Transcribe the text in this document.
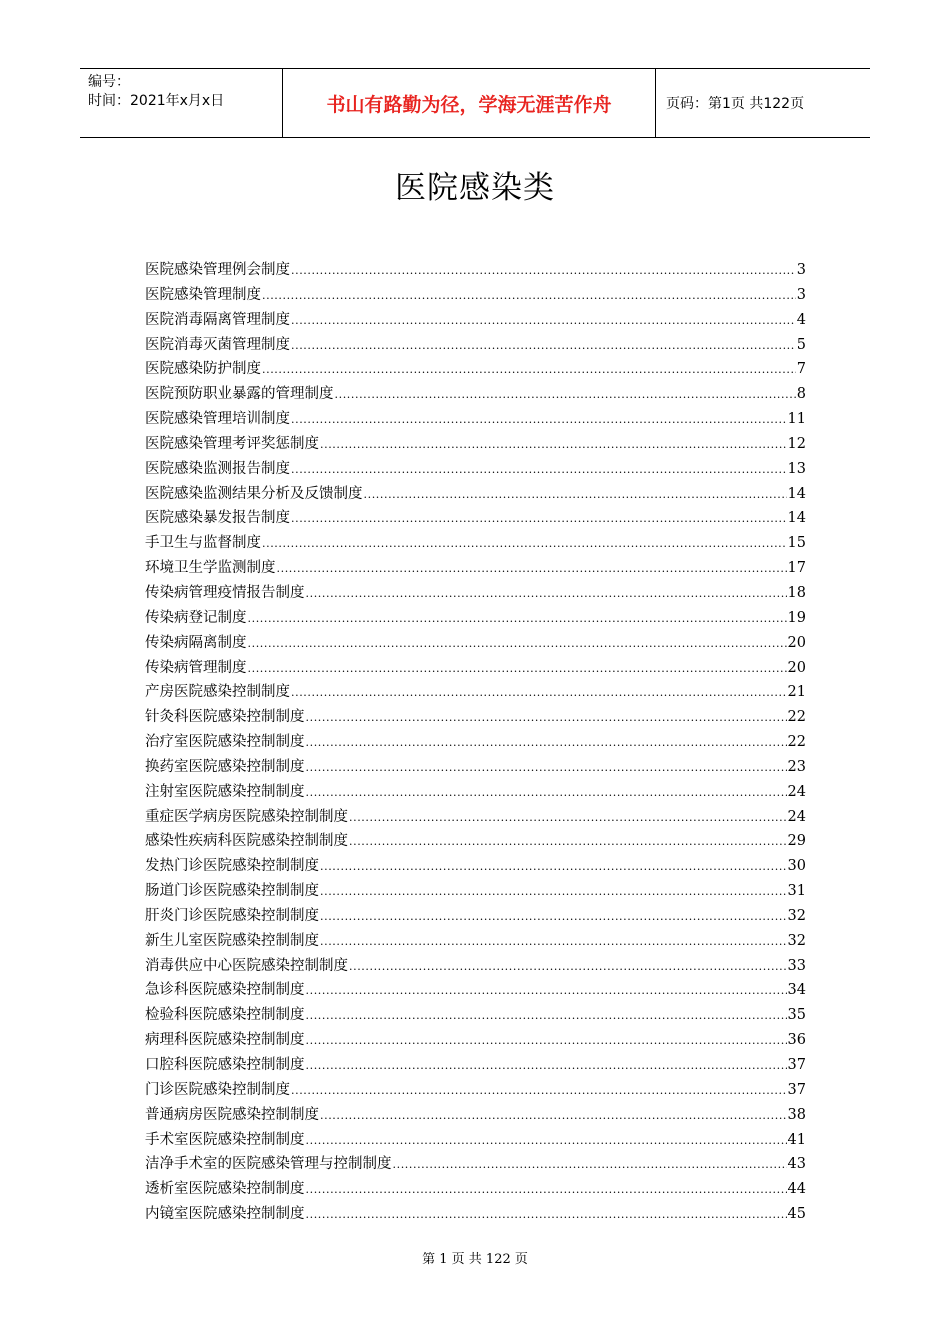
编号：
时间：2021年x月x日	书山有路勤为径，学海无涯苦作舟	页码：第1页 共122页
医院感染类
医院感染管理例会制度 .....	3
医院感染管理制度 .....	3
医院消毒隔离管理制度 .....	4
医院消毒灭菌管理制度 .....	5
医院感染防护制度 .....	7
医院预防职业暴露的管理制度 .....	8
医院感染管理培训制度 .....	11
医院感染管理考评奖惩制度 .....	12
医院感染监测报告制度 .....	13
医院感染监测结果分析及反馈制度 .....	14
医院感染暴发报告制度 .....	14
手卫生与监督制度 .....	15
环境卫生学监测制度 .....	17
传染病管理疫情报告制度 .....	18
传染病登记制度 .....	19
传染病隔离制度 .....	20
传染病管理制度 .....	20
产房医院感染控制制度 .....	21
针灸科医院感染控制制度 .....	22
治疗室医院感染控制制度 .....	22
换药室医院感染控制制度 .....	23
注射室医院感染控制制度 .....	24
重症医学病房医院感染控制制度 .....	24
感染性疾病科医院感染控制制度 .....	29
发热门诊医院感染控制制度 .....	30
肠道门诊医院感染控制制度 .....	31
肝炎门诊医院感染控制制度 .....	32
新生儿室医院感染控制制度 .....	32
消毒供应中心医院感染控制制度 .....	33
急诊科医院感染控制制度 .....	34
检验科医院感染控制制度 .....	35
病理科医院感染控制制度 .....	36
口腔科医院感染控制制度 .....	37
门诊医院感染控制制度 .....	37
普通病房医院感染控制制度 .....	38
手术室医院感染控制制度 .....	41
洁净手术室的医院感染管理与控制制度 .....	43
透析室医院感染控制制度 .....	44
内镜室医院感染控制制度 .....	45
第 1 页 共 122 页
